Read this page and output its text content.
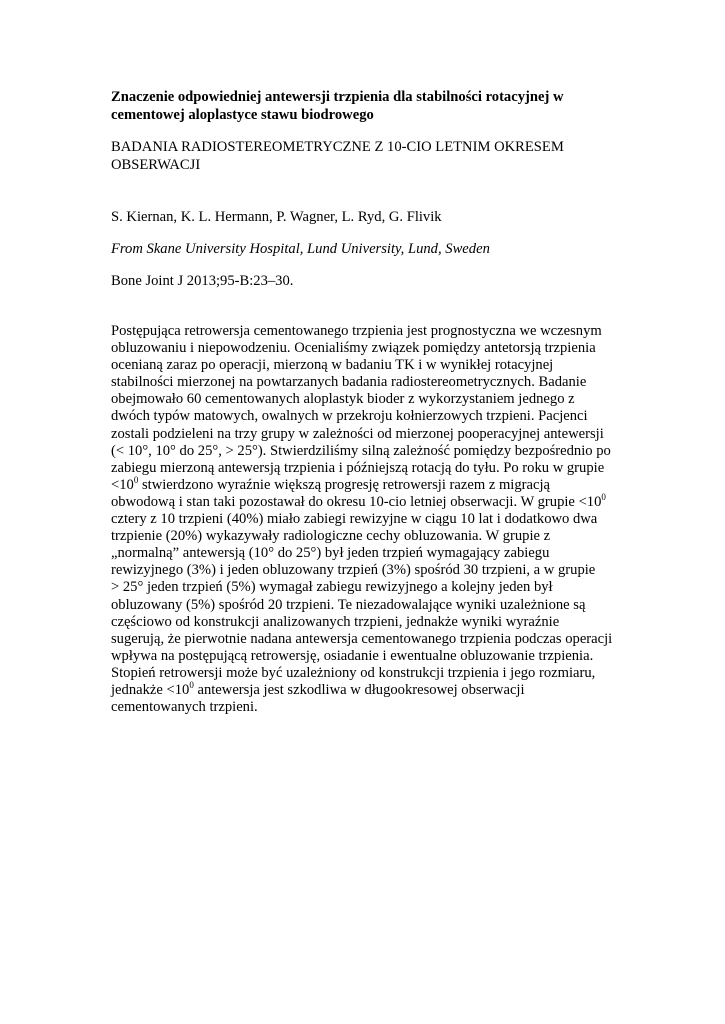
Znaczenie odpowiedniej antewersji trzpienia dla stabilności rotacyjnej w
cementowej aloplastyce stawu biodrowego

BADANIA RADIOSTEREOMETRYCZNE Z 10-CIO LETNIM OKRESEM
OBSERWACJI

S. Kiernan, K. L. Hermann, P. Wagner, L. Ryd, G. Flivik

From Skane University Hospital, Lund University, Lund, Sweden

Bone Joint J 2013;95-B:23–30.

Postępująca retrowersja cementowanego trzpienia jest prognostyczna we wczesnym
obluzowaniu i niepowodzeniu. Ocenialiśmy związek pomiędzy antetorsją trzpienia
ocenianą zaraz po operacji, mierzoną w badaniu TK i w wynikłej rotacyjnej
stabilności mierzonej na powtarzanych badania radiostereometrycznych. Badanie
obejmowało 60 cementowanych aloplastyk bioder z wykorzystaniem jednego z
dwóch typów matowych, owalnych w przekroju kołnierzowych trzpieni. Pacjenci
zostali podzieleni na trzy grupy w zależności od mierzonej pooperacyjnej antewersji
(< 10°, 10° do 25°, > 25°). Stwierdziliśmy silną zależność pomiędzy bezpośrednio po
zabiegu mierzoną antewersją trzpienia i późniejszą rotacją do tyłu. Po roku w grupie
$<10^0$ stwierdzono wyraźnie większą progresję retrowersji razem z migracją
obwodową i stan taki pozostawał do okresu 10-cio letniej obserwacji. W grupie $<10^0$
cztery z 10 trzpieni (40%) miało zabiegi rewizyjne w ciągu 10 lat i dodatkowo dwa
trzpienie (20%) wykazywały radiologiczne cechy obluzowania. W grupie z
„normalną” antewersją (10° do 25°) był jeden trzpień wymagający zabiegu
rewizyjnego (3%) i jeden obluzowany trzpień (3%) spośród 30 trzpieni, a w grupie
> 25° jeden trzpień (5%) wymagał zabiegu rewizyjnego a kolejny jeden był
obluzowany (5%) spośród 20 trzpieni. Te niezadowalające wyniki uzależnione są
częściowo od konstrukcji analizowanych trzpieni, jednakże wyniki wyraźnie
sugerują, że pierwotnie nadana antewersja cementowanego trzpienia podczas operacji
wpływa na postępującą retrowersję, osiadanie i ewentualne obluzowanie trzpienia.
Stopień retrowersji może być uzależniony od konstrukcji trzpienia i jego rozmiaru,
jednakże $<10^0$ antewersja jest szkodliwa w długookresowej obserwacji
cementowanych trzpieni.
